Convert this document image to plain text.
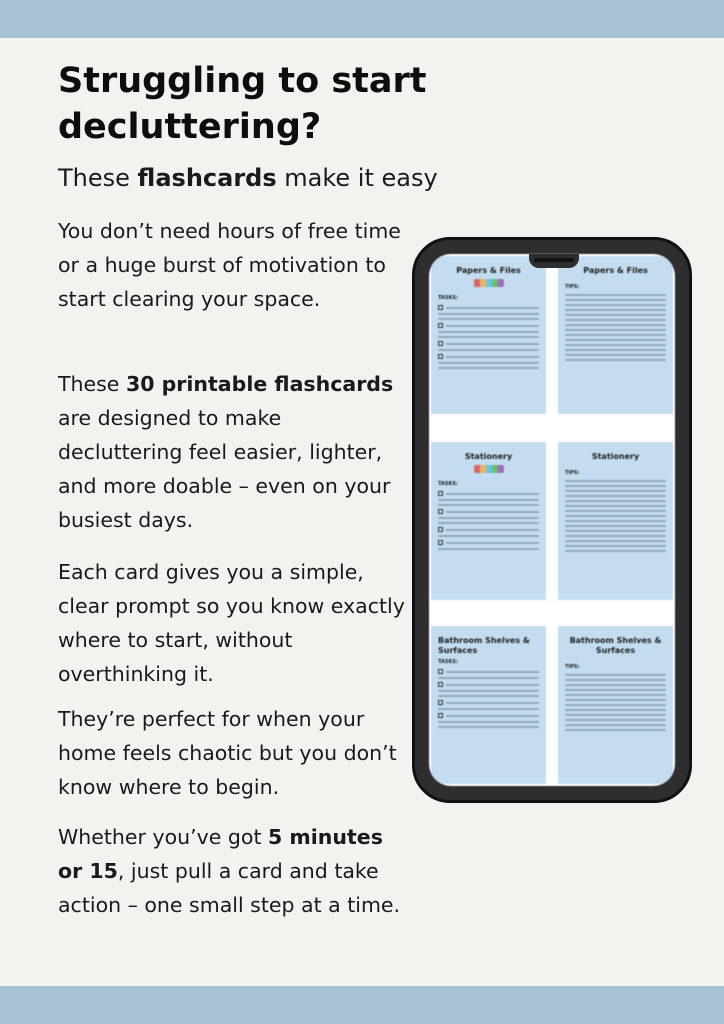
Struggling to start decluttering?
These flashcards make it easy

You don’t need hours of free time or a huge burst of motivation to start clearing your space.

These 30 printable flashcards are designed to make decluttering feel easier, lighter, and more doable – even on your busiest days.

Each card gives you a simple, clear prompt so you know exactly where to start, without overthinking it.

They’re perfect for when your home feels chaotic but you don’t know where to begin.

Whether you’ve got 5 minutes or 15, just pull a card and take action – one small step at a time.

Papers & Files
TASKS:
Papers & Files
TIPS:
Stationery
TASKS:
Stationery
TIPS:
Bathroom Shelves & Surfaces
TASKS:
Bathroom Shelves & Surfaces
TIPS:
